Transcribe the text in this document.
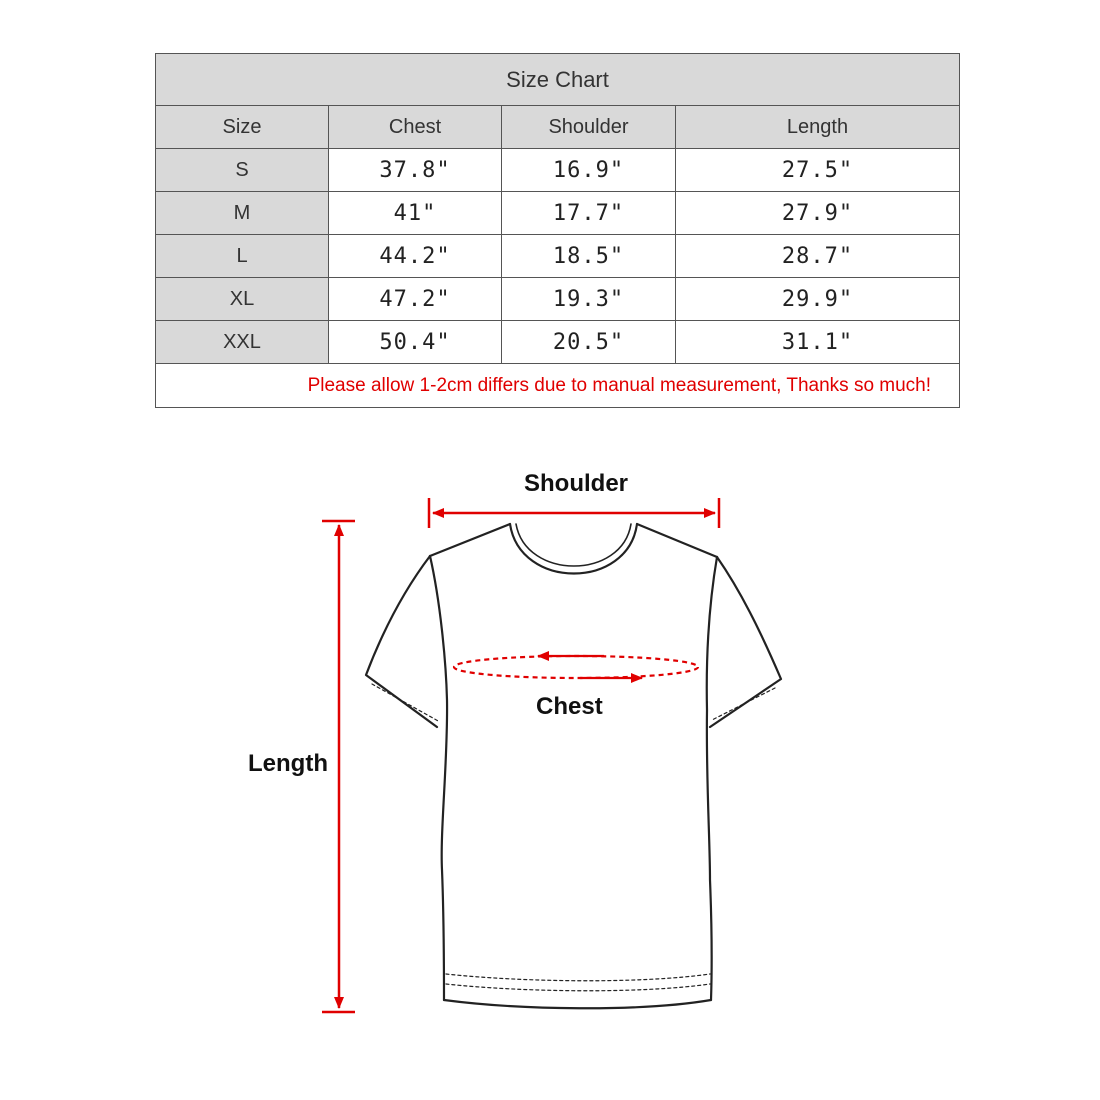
Size Chart			
Size	Chest	Shoulder	Length
S	37.8"	16.9"	27.5"
M	41"	17.7"	27.9"
L	44.2"	18.5"	28.7"
XL	47.2"	19.3"	29.9"
XXL	50.4"	20.5"	31.1"
Please allow 1-2cm differs due to manual measurement, Thanks so much!			
Shoulder
Chest
Length
